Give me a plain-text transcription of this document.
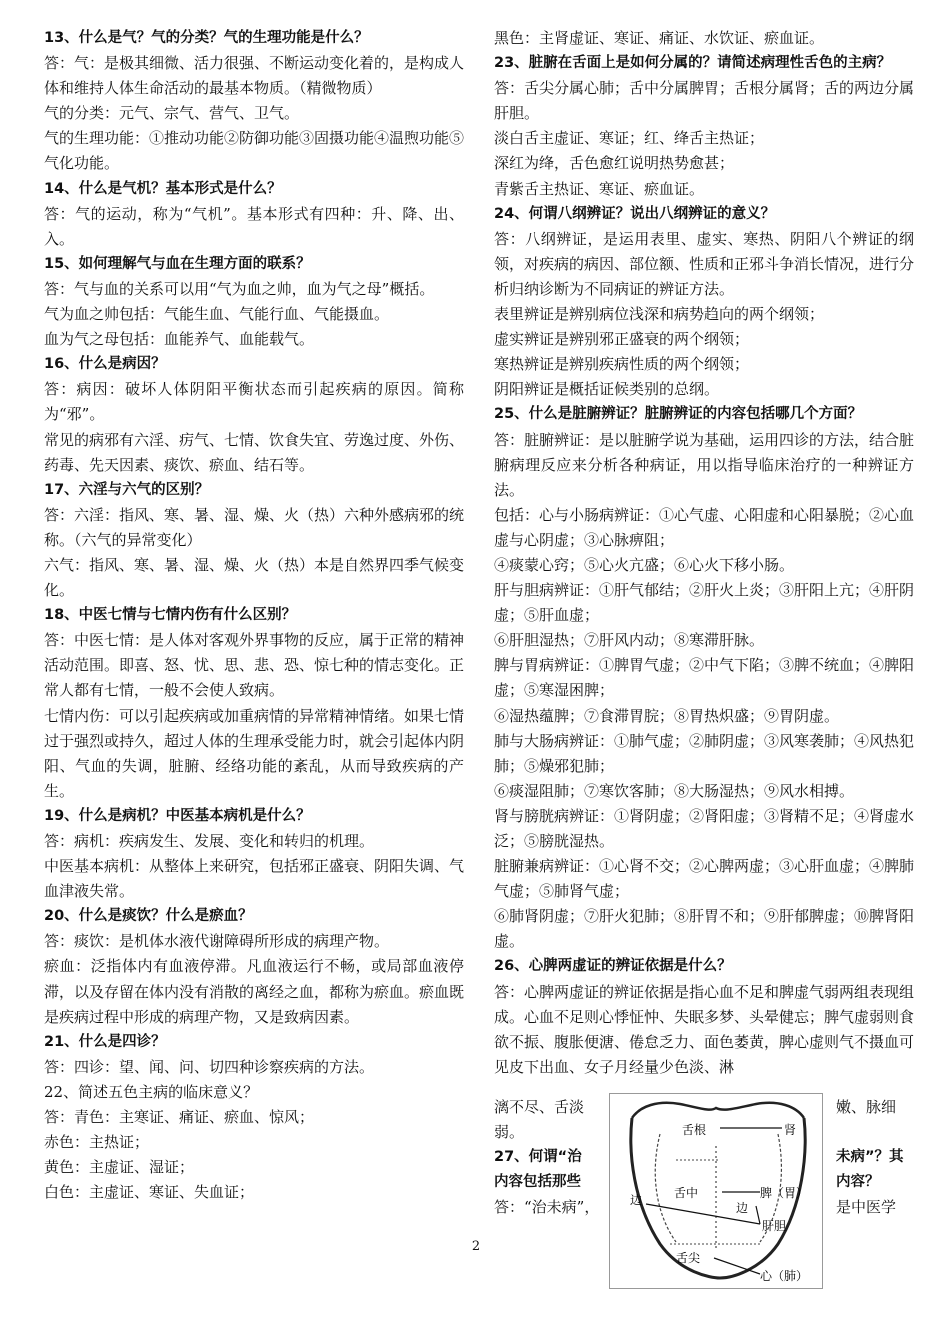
13、什么是气？气的分类？气的生理功能是什么？

答：气：是极其细微、活力很强、不断运动变化着的，是构成人体和维持人体生命活动的最基本物质。（精微物质）

气的分类：元气、宗气、营气、卫气。

气的生理功能：①推动功能②防御功能③固摄功能④温煦功能⑤气化功能。

14、什么是气机？基本形式是什么？

答：气的运动，称为“气机”。基本形式有四种：升、降、出、入。

15、如何理解气与血在生理方面的联系？

答：气与血的关系可以用“气为血之帅，血为气之母”概括。

气为血之帅包括：气能生血、气能行血、气能摄血。

血为气之母包括：血能养气、血能载气。

16、什么是病因？

答：病因：破坏人体阴阳平衡状态而引起疾病的原因。简称为“邪”。

常见的病邪有六淫、疠气、七情、饮食失宜、劳逸过度、外伤、药毒、先天因素、痰饮、瘀血、结石等。

17、六淫与六气的区别？

答：六淫：指风、寒、暑、湿、燥、火（热）六种外感病邪的统称。（六气的异常变化）

六气：指风、寒、暑、湿、燥、火（热）本是自然界四季气候变化。

18、中医七情与七情内伤有什么区别？

答：中医七情：是人体对客观外界事物的反应，属于正常的精神活动范围。即喜、怒、忧、思、悲、恐、惊七种的情志变化。正常人都有七情，一般不会使人致病。

七情内伤：可以引起疾病或加重病情的异常精神情绪。如果七情过于强烈或持久，超过人体的生理承受能力时，就会引起体内阴阳、气血的失调，脏腑、经络功能的紊乱，从而导致疾病的产生。

19、什么是病机？中医基本病机是什么？

答：病机：疾病发生、发展、变化和转归的机理。

中医基本病机：从整体上来研究，包括邪正盛衰、阴阳失调、气血津液失常。

20、什么是痰饮？什么是瘀血？

答：痰饮：是机体水液代谢障碍所形成的病理产物。

瘀血：泛指体内有血液停滞。凡血液运行不畅，或局部血液停滞，以及存留在体内没有消散的离经之血，都称为瘀血。瘀血既是疾病过程中形成的病理产物，又是致病因素。

21、什么是四诊？

答：四诊：望、闻、问、切四种诊察疾病的方法。

22、简述五色主病的临床意义？

答：青色：主寒证、痛证、瘀血、惊风；

赤色：主热证；

黄色：主虚证、湿证；

白色：主虚证、寒证、失血证；

黑色：主肾虚证、寒证、痛证、水饮证、瘀血证。

23、脏腑在舌面上是如何分属的？请简述病理性舌色的主病？

答：舌尖分属心肺；舌中分属脾胃；舌根分属肾；舌的两边分属肝胆。

淡白舌主虚证、寒证；红、绛舌主热证；

深红为绛，舌色愈红说明热势愈甚；

青紫舌主热证、寒证、瘀血证。

24、何谓八纲辨证？说出八纲辨证的意义？

答：八纲辨证，是运用表里、虚实、寒热、阴阳八个辨证的纲领，对疾病的病因、部位额、性质和正邪斗争消长情况，进行分析归纳诊断为不同病证的辨证方法。

表里辨证是辨别病位浅深和病势趋向的两个纲领；

虚实辨证是辨别邪正盛衰的两个纲领；

寒热辨证是辨别疾病性质的两个纲领；

阴阳辨证是概括证候类别的总纲。

25、什么是脏腑辨证？脏腑辨证的内容包括哪几个方面？

答：脏腑辨证：是以脏腑学说为基础，运用四诊的方法，结合脏腑病理反应来分析各种病证，用以指导临床治疗的一种辨证方法。

包括：心与小肠病辨证：①心气虚、心阳虚和心阳暴脱；②心血虚与心阴虚；③心脉痹阻；

④痰蒙心窍；⑤心火亢盛；⑥心火下移小肠。

肝与胆病辨证：①肝气郁结；②肝火上炎；③肝阳上亢；④肝阴虚；⑤肝血虚；

⑥肝胆湿热；⑦肝风内动；⑧寒滞肝脉。

脾与胃病辨证：①脾胃气虚；②中气下陷；③脾不统血；④脾阳虚；⑤寒湿困脾；

⑥湿热蕴脾；⑦食滞胃脘；⑧胃热炽盛；⑨胃阴虚。

肺与大肠病辨证：①肺气虚；②肺阴虚；③风寒袭肺；④风热犯肺；⑤燥邪犯肺；

⑥痰湿阻肺；⑦寒饮客肺；⑧大肠湿热；⑨风水相搏。

肾与膀胱病辨证：①肾阴虚；②肾阳虚；③肾精不足；④肾虚水泛；⑤膀胱湿热。

脏腑兼病辨证：①心肾不交；②心脾两虚；③心肝血虚；④脾肺气虚；⑤肺肾气虚；

⑥肺肾阴虚；⑦肝火犯肺；⑧肝胃不和；⑨肝郁脾虚；⑩脾肾阳虚。

26、心脾两虚证的辨证依据是什么？

答：心脾两虚证的辨证依据是指心血不足和脾虚气弱两组表现组成。心血不足则心悸怔忡、失眠多梦、头晕健忘；脾气虚弱则食欲不振、腹胀便溏、倦怠乏力、面色萎黄，脾心虚则气不摄血可见皮下出血、女子月经量少色淡、淋

舌根	肾
舌中	脾（胃）
边
边
肝胆
舌尖
心（肺）
漓不尽、舌淡	嫩、脉细
弱。
27、何谓“治	未病”？其
内容包括那些	内容？
答：“治未病”，	是中医学
2
